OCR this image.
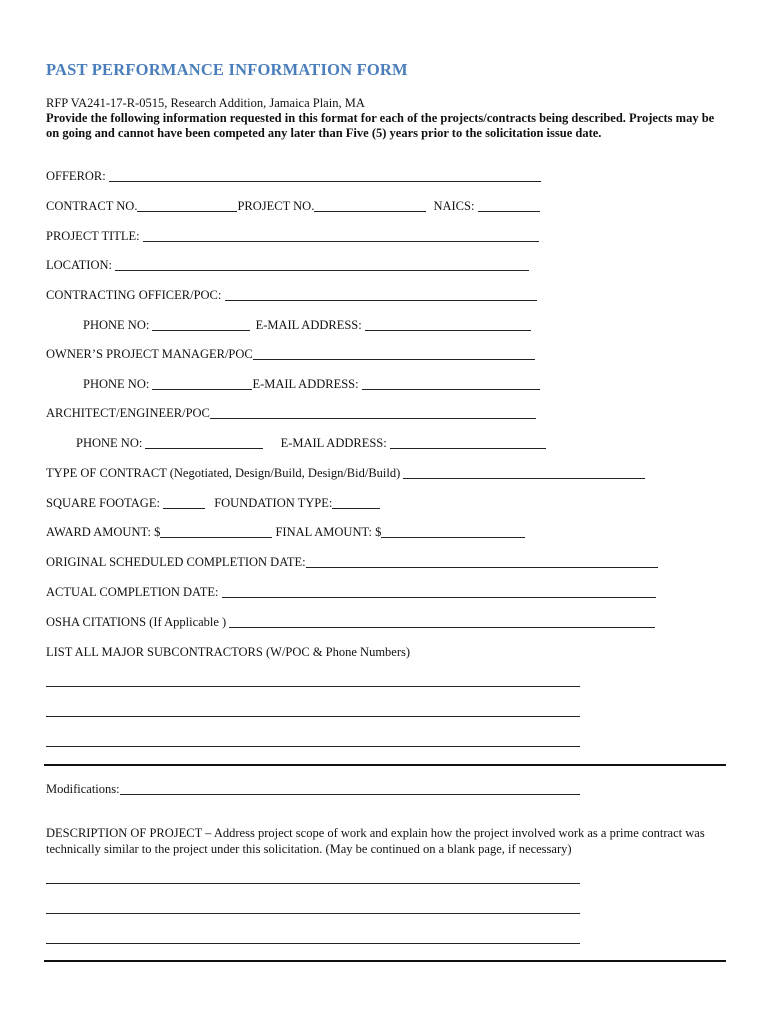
PAST PERFORMANCE INFORMATION FORM
RFP VA241-17-R-0515, Research Addition, Jamaica Plain, MA
Provide the following information requested in this format for each of the projects/contracts being described. Projects may be
on going and cannot have been competed any later than Five (5) years prior to the solicitation issue date.
OFFEROR:
CONTRACT NO.	PROJECT NO.	NAICS:
PROJECT TITLE:
LOCATION:
CONTRACTING OFFICER/POC:
PHONE NO:	E-MAIL ADDRESS:
OWNER’S PROJECT MANAGER/POC
PHONE NO:	E-MAIL ADDRESS:
ARCHITECT/ENGINEER/POC
PHONE NO:	E-MAIL ADDRESS:
TYPE OF CONTRACT (Negotiated, Design/Build, Design/Bid/Build)
SQUARE FOOTAGE:	FOUNDATION TYPE:
AWARD AMOUNT: $	FINAL AMOUNT: $
ORIGINAL SCHEDULED COMPLETION DATE:
ACTUAL COMPLETION DATE:
OSHA CITATIONS (If Applicable )
LIST ALL MAJOR SUBCONTRACTORS (W/POC & Phone Numbers)
Modifications:
DESCRIPTION OF PROJECT – Address project scope of work and explain how the project involved work as a prime contract was
technically similar to the project under this solicitation. (May be continued on a blank page, if necessary)
